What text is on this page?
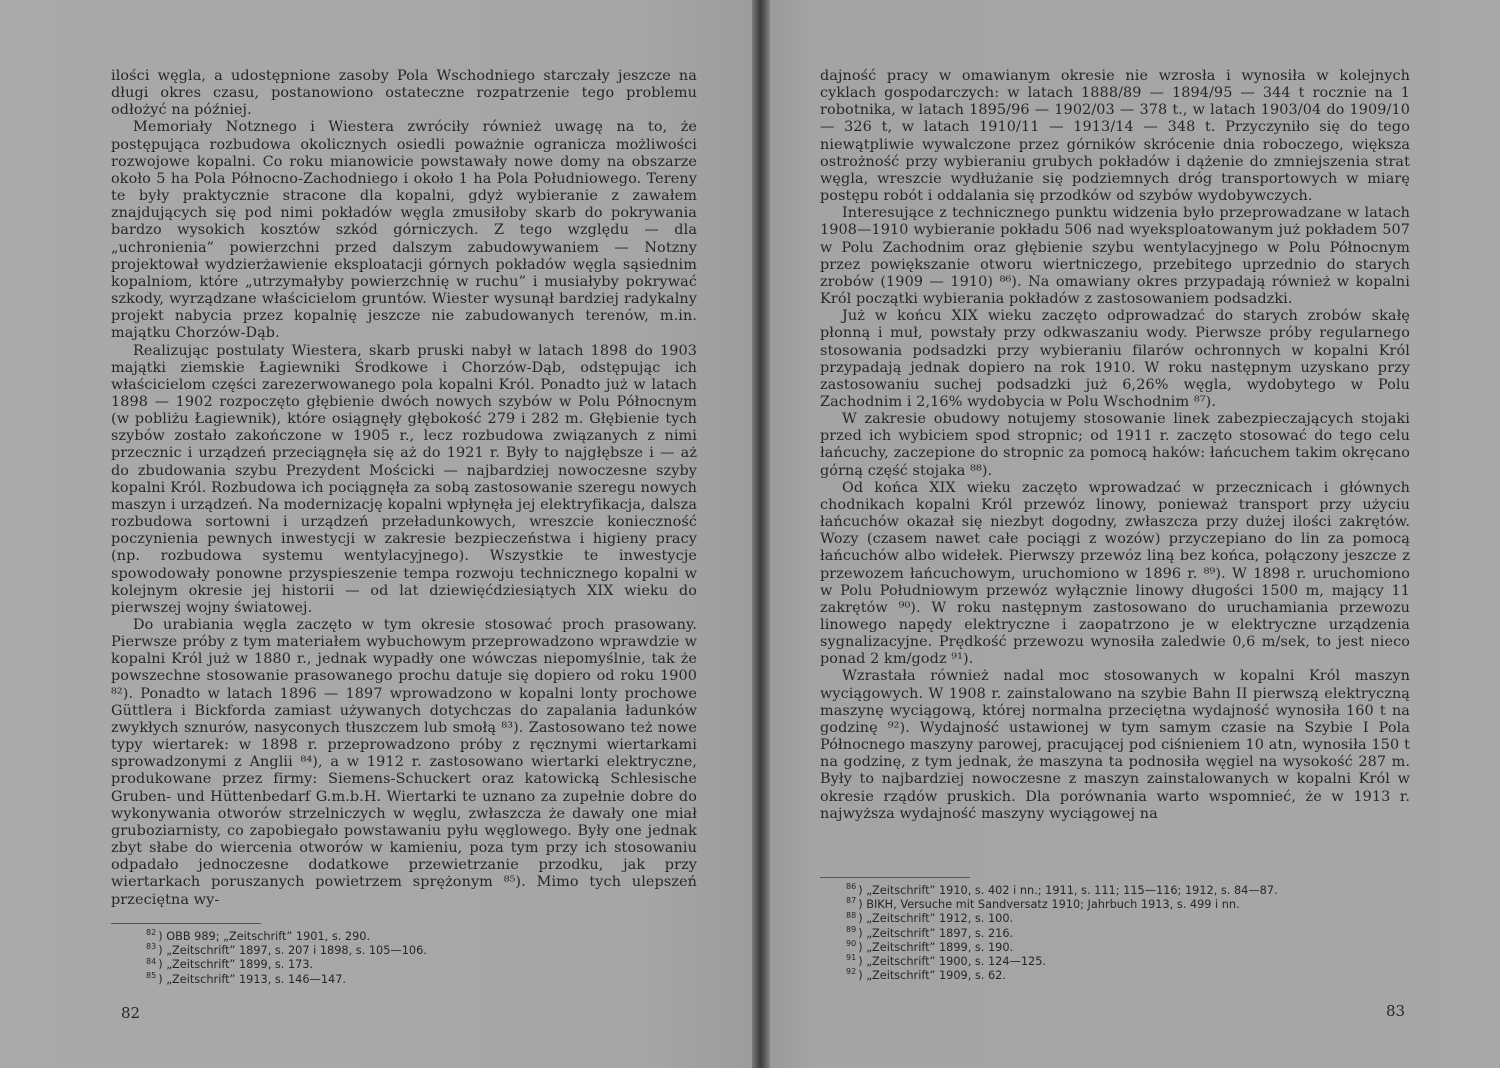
ilości węgla, a udostępnione zasoby Pola Wschodniego starczały jeszcze na długi okres czasu, postanowiono ostateczne rozpatrzenie tego problemu odłożyć na później.

Memoriały Notznego i Wiestera zwróciły również uwagę na to, że postępująca rozbudowa okolicznych osiedli poważnie ogranicza możliwości rozwojowe kopalni. Co roku mianowicie powstawały nowe domy na obszarze około 5 ha Pola Północno-Zachodniego i około 1 ha Pola Południowego. Tereny te były praktycznie stracone dla kopalni, gdyż wybieranie z zawałem znajdujących się pod nimi pokładów węgla zmusiłoby skarb do pokrywania bardzo wysokich kosztów szkód górniczych. Z tego względu — dla „uchronienia” powierzchni przed dalszym zabudowywaniem — Notzny projektował wydzierżawienie eksploatacji górnych pokładów węgla sąsiednim kopalniom, które „utrzymałyby powierzchnię w ruchu” i musiałyby pokrywać szkody, wyrządzane właścicielom gruntów. Wiester wysunął bardziej radykalny projekt nabycia przez kopalnię jeszcze nie zabudowanych terenów, m.in. majątku Chorzów-Dąb.

Realizując postulaty Wiestera, skarb pruski nabył w latach 1898 do 1903 majątki ziemskie Łagiewniki Środkowe i Chorzów-Dąb, odstępując ich właścicielom części zarezerwowanego pola kopalni Król. Ponadto już w latach 1898 — 1902 rozpoczęto głębienie dwóch nowych szybów w Polu Północnym (w pobliżu Łagiewnik), które osiągnęły głębokość 279 i 282 m. Głębienie tych szybów zostało zakończone w 1905 r., lecz rozbudowa związanych z nimi przecznic i urządzeń przeciągnęła się aż do 1921 r. Były to najgłębsze i — aż do zbudowania szybu Prezydent Mościcki — najbardziej nowoczesne szyby kopalni Król. Rozbudowa ich pociągnęła za sobą zastosowanie szeregu nowych maszyn i urządzeń. Na modernizację kopalni wpłynęła jej elektryfikacja, dalsza rozbudowa sortowni i urządzeń przeładunkowych, wreszcie konieczność poczynienia pewnych inwestycji w zakresie bezpieczeństwa i higieny pracy (np. rozbudowa systemu wentylacyjnego). Wszystkie te inwestycje spowodowały ponowne przyspieszenie tempa rozwoju technicznego kopalni w kolejnym okresie jej historii — od lat dziewięćdziesiątych XIX wieku do pierwszej wojny światowej.

Do urabiania węgla zaczęto w tym okresie stosować proch prasowany. Pierwsze próby z tym materiałem wybuchowym przeprowadzono wprawdzie w kopalni Król już w 1880 r., jednak wypadły one wówczas niepomyślnie, tak że powszechne stosowanie prasowanego prochu datuje się dopiero od roku 1900 ⁸²). Ponadto w latach 1896 — 1897 wprowadzono w kopalni lonty prochowe Güttlera i Bickforda zamiast używanych dotychczas do zapalania ładunków zwykłych sznurów, nasyconych tłuszczem lub smołą ⁸³). Zastosowano też nowe typy wiertarek: w 1898 r. przeprowadzono próby z ręcznymi wiertarkami sprowadzonymi z Anglii ⁸⁴), a w 1912 r. zastosowano wiertarki elektryczne, produkowane przez firmy: Siemens-Schuckert oraz katowicką Schlesische Gruben- und Hüttenbedarf G.m.b.H. Wiertarki te uznano za zupełnie dobre do wykonywania otworów strzelniczych w węglu, zwłaszcza że dawały one miał gruboziarnisty, co zapobiegało powstawaniu pyłu węglowego. Były one jednak zbyt słabe do wiercenia otworów w kamieniu, poza tym przy ich stosowaniu odpadało jednoczesne dodatkowe przewietrzanie przodku, jak przy wiertarkach poruszanych powietrzem sprężonym ⁸⁵). Mimo tych ulepszeń przeciętna wy-

$^{82}$ ) OBB 989; „Zeitschrift” 1901, s. 290.
$^{83}$ ) „Zeitschrift” 1897, s. 207 i 1898, s. 105—106.
$^{84}$ ) „Zeitschrift” 1899, s. 173.
$^{85}$ ) „Zeitschrift” 1913, s. 146—147.
82

dajność pracy w omawianym okresie nie wzrosła i wynosiła w kolejnych cyklach gospodarczych: w latach 1888/89 — 1894/95 — 344 t rocznie na 1 robotnika, w latach 1895/96 — 1902/03 — 378 t., w latach 1903/04 do 1909/10 — 326 t, w latach 1910/11 — 1913/14 — 348 t. Przyczyniło się do tego niewątpliwie wywalczone przez górników skrócenie dnia roboczego, większa ostrożność przy wybieraniu grubych pokładów i dążenie do zmniejszenia strat węgla, wreszcie wydłużanie się podziemnych dróg transportowych w miarę postępu robót i oddalania się przodków od szybów wydobywczych.

Interesujące z technicznego punktu widzenia było przeprowadzane w latach 1908—1910 wybieranie pokładu 506 nad wyeksploatowanym już pokładem 507 w Polu Zachodnim oraz głębienie szybu wentylacyjnego w Polu Północnym przez powiększanie otworu wiertniczego, przebitego uprzednio do starych zrobów (1909 — 1910) ⁸⁶). Na omawiany okres przypadają również w kopalni Król początki wybierania pokładów z zastosowaniem podsadzki.

Już w końcu XIX wieku zaczęto odprowadzać do starych zrobów skałę płonną i muł, powstały przy odkwaszaniu wody. Pierwsze próby regularnego stosowania podsadzki przy wybieraniu filarów ochronnych w kopalni Król przypadają jednak dopiero na rok 1910. W roku następnym uzyskano przy zastosowaniu suchej podsadzki już 6,26% węgla, wydobytego w Polu Zachodnim i 2,16% wydobycia w Polu Wschodnim ⁸⁷).

W zakresie obudowy notujemy stosowanie linek zabezpieczających stojaki przed ich wybiciem spod stropnic; od 1911 r. zaczęto stosować do tego celu łańcuchy, zaczepione do stropnic za pomocą haków: łańcuchem takim okręcano górną część stojaka ⁸⁸).

Od końca XIX wieku zaczęto wprowadzać w przecznicach i głównych chodnikach kopalni Król przewóz linowy, ponieważ transport przy użyciu łańcuchów okazał się niezbyt dogodny, zwłaszcza przy dużej ilości zakrętów. Wozy (czasem nawet całe pociągi z wozów) przyczepiano do lin za pomocą łańcuchów albo widełek. Pierwszy przewóz liną bez końca, połączony jeszcze z przewozem łańcuchowym, uruchomiono w 1896 r. ⁸⁹). W 1898 r. uruchomiono w Polu Południowym przewóz wyłącznie linowy długości 1500 m, mający 11 zakrętów ⁹⁰). W roku następnym zastosowano do uruchamiania przewozu linowego napędy elektryczne i zaopatrzono je w elektryczne urządzenia sygnalizacyjne. Prędkość przewozu wynosiła zaledwie 0,6 m/sek, to jest nieco ponad 2 km/godz ⁹¹).

Wzrastała również nadal moc stosowanych w kopalni Król maszyn wyciągowych. W 1908 r. zainstalowano na szybie Bahn II pierwszą elektryczną maszynę wyciągową, której normalna przeciętna wydajność wynosiła 160 t na godzinę ⁹²). Wydajność ustawionej w tym samym czasie na Szybie I Pola Północnego maszyny parowej, pracującej pod ciśnieniem 10 atn, wynosiła 150 t na godzinę, z tym jednak, że maszyna ta podnosiła węgiel na wysokość 287 m. Były to najbardziej nowoczesne z maszyn zainstalowanych w kopalni Król w okresie rządów pruskich. Dla porównania warto wspomnieć, że w 1913 r. najwyższa wydajność maszyny wyciągowej na

$^{86}$ ) „Zeitschrift” 1910, s. 402 i nn.; 1911, s. 111; 115—116; 1912, s. 84—87.
$^{87}$ ) BIKH, Versuche mit Sandversatz 1910; Jahrbuch 1913, s. 499 i nn.
$^{88}$ ) „Zeitschrift” 1912, s. 100.
$^{89}$ ) „Zeitschrift” 1897, s. 216.
$^{90}$ ) „Zeitschrift” 1899, s. 190.
$^{91}$ ) „Zeitschrift” 1900, s. 124—125.
$^{92}$ ) „Zeitschrift” 1909, s. 62.
83
